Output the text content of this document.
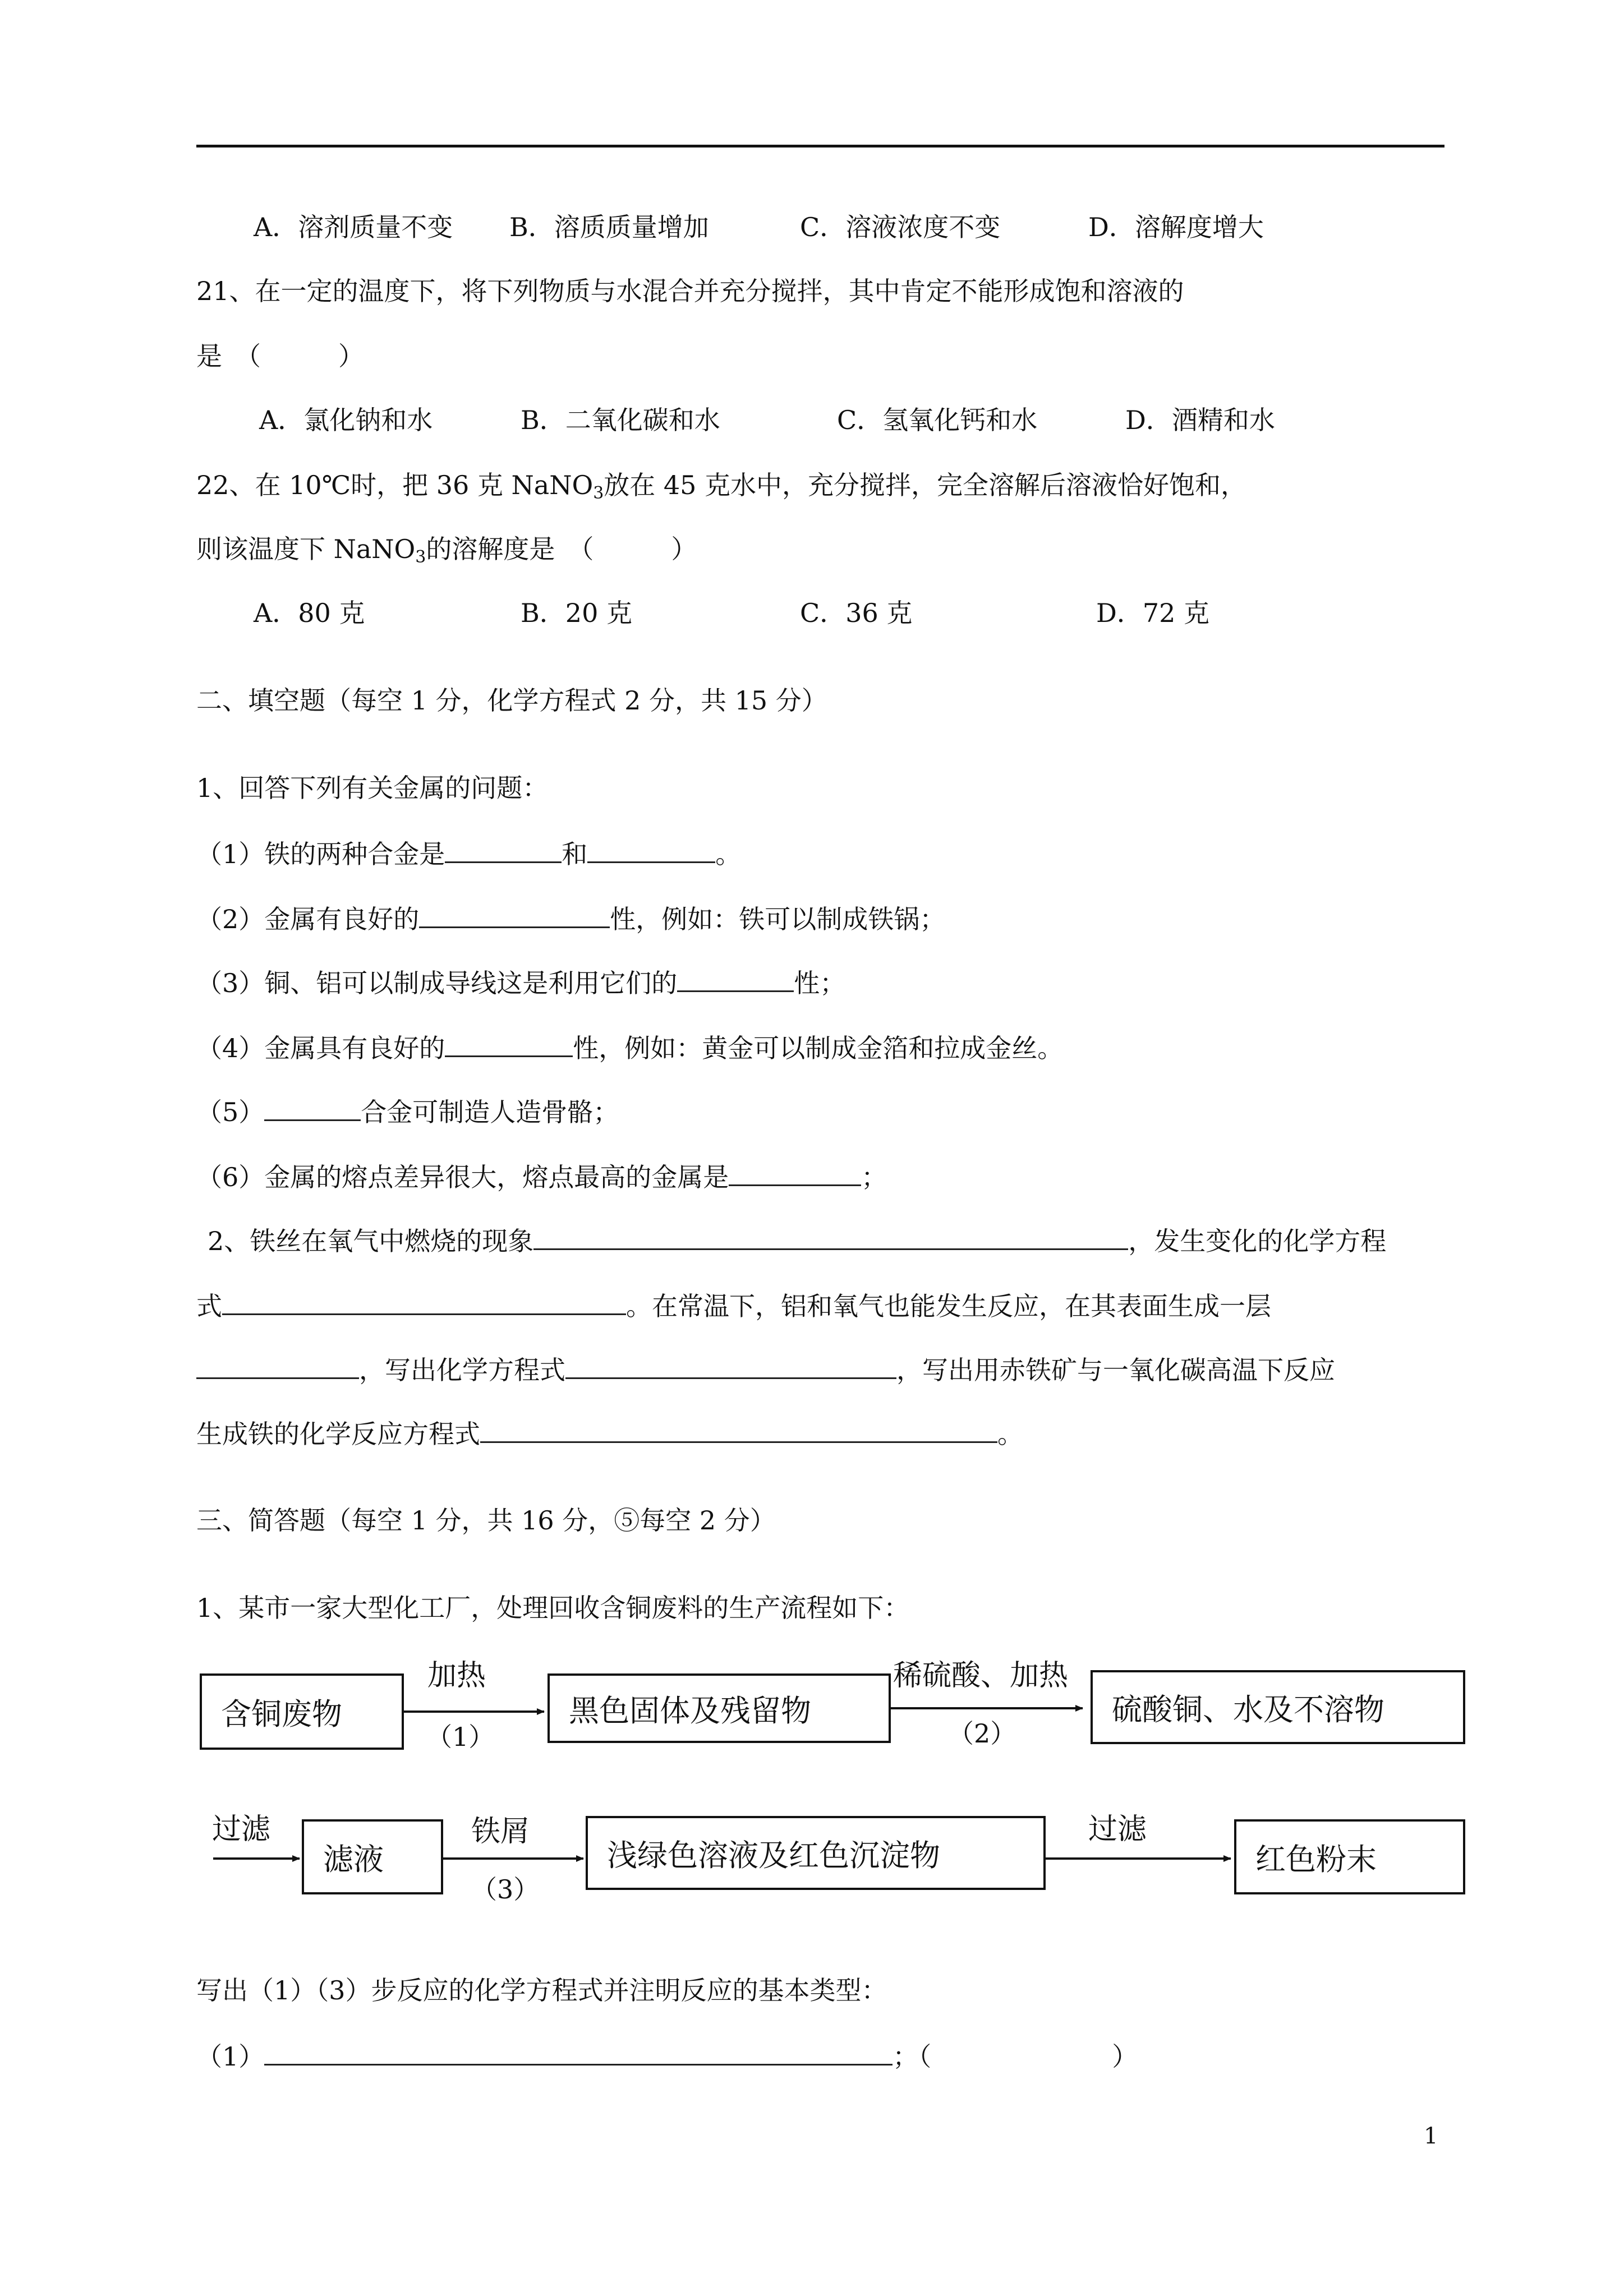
A．溶剂质量不变 B．溶质质量增加	C．溶液浓度不变	D．溶解度增大
21、在一定的温度下，将下列物质与水混合并充分搅拌，其中肯定不能形成饱和溶液的
是　（　　　）
A．氯化钠和水	B．二氧化碳和水	C．氢氧化钙和水	D．酒精和水
22、在 10℃时，把 36 克 NaNO$_3$放在 45 克水中，充分搅拌，完全溶解后溶液恰好饱和，
则该温度下 NaNO$_3$的溶解度是　（　　　）
A．80 克	B．20 克	C．36 克	D．72 克
二、填空题（每空 1 分，化学方程式 2 分，共 15 分）
1、回答下列有关金属的问题：
（1）铁的两种合金是	和	。
（2）金属有良好的	性，例如：铁可以制成铁锅；
（3）铜、铝可以制成导线这是利用它们的	性；
（4）金属具有良好的	性，例如：黄金可以制成金箔和拉成金丝。
（5）	合金可制造人造骨骼；
（6）金属的熔点差异很大，熔点最高的金属是	；
2、铁丝在氧气中燃烧的现象	，发生变化的化学方程
式	。在常温下，铝和氧气也能发生反应，在其表面生成一层
，写出化学方程式	，写出用赤铁矿与一氧化碳高温下反应
生成铁的化学反应方程式	。
三、简答题（每空 1 分，共 16 分，⑤每空 2 分）
1、某市一家大型化工厂，处理回收含铜废料的生产流程如下：
含铜废物
加热
（1）
黑色固体及残留物
稀硫酸、加热
（2）
硫酸铜、水及不溶物
过滤
滤液
铁屑
（3）
浅绿色溶液及红色沉淀物
过滤
红色粉末
写出（1）（3）步反应的化学方程式并注明反应的基本类型：
（1）	；（　　　　　　　）
1
